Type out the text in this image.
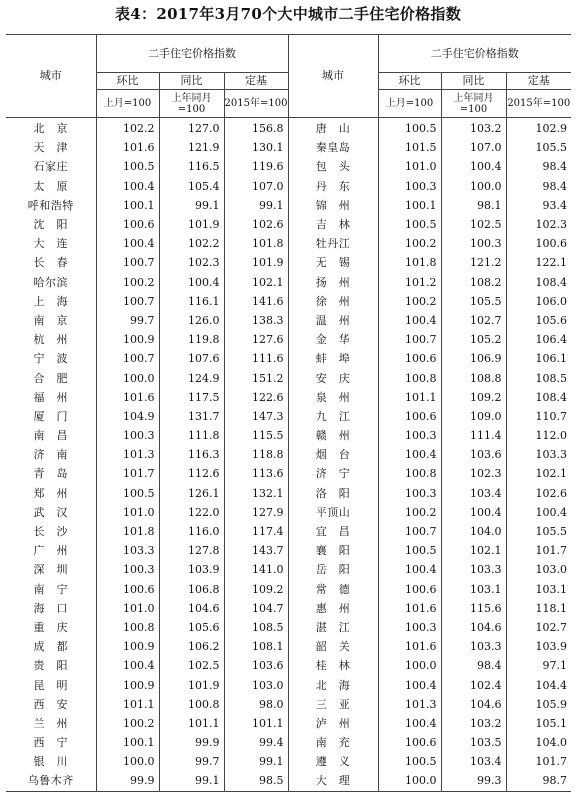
表4：2017年3月70个大中城市二手住宅价格指数
城市	二手住宅价格指数			城市	二手住宅价格指数		
	环比	同比	定基		环比	同比	定基
	上月=100	上年同月=100	2015年=100		上月=100	上年同月=100	2015年=100
北　京	102.2	127.0	156.8	唐　山	100.5	103.2	102.9
天　津	101.6	121.9	130.1	秦皇岛	101.5	107.0	105.5
石家庄	100.5	116.5	119.6	包　头	101.0	100.4	98.4
太　原	100.4	105.4	107.0	丹　东	100.3	100.0	98.4
呼和浩特	100.1	99.1	99.1	锦　州	100.1	98.1	93.4
沈　阳	100.6	101.9	102.6	吉　林	100.5	102.5	102.3
大　连	100.4	102.2	101.8	牡丹江	100.2	100.3	100.6
长　春	100.7	102.3	101.9	无　锡	101.8	121.2	122.1
哈尔滨	100.2	100.4	102.1	扬　州	101.2	108.2	108.4
上　海	100.7	116.1	141.6	徐　州	100.2	105.5	106.0
南　京	99.7	126.0	138.3	温　州	100.4	102.7	105.6
杭　州	100.9	119.8	127.6	金　华	100.7	105.2	106.4
宁　波	100.7	107.6	111.6	蚌　埠	100.6	106.9	106.1
合　肥	100.0	124.9	151.2	安　庆	100.8	108.8	108.5
福　州	101.6	117.5	122.6	泉　州	101.1	109.2	108.4
厦　门	104.9	131.7	147.3	九　江	100.6	109.0	110.7
南　昌	100.3	111.8	115.5	赣　州	100.3	111.4	112.0
济　南	101.3	116.3	118.8	烟　台	100.4	103.6	103.3
青　岛	101.7	112.6	113.6	济　宁	100.8	102.3	102.1
郑　州	100.5	126.1	132.1	洛　阳	100.3	103.4	102.6
武　汉	101.0	122.0	127.9	平顶山	100.2	100.4	100.4
长　沙	101.8	116.0	117.4	宜　昌	100.7	104.0	105.5
广　州	103.3	127.8	143.7	襄　阳	100.5	102.1	101.7
深　圳	100.3	103.9	141.0	岳　阳	100.4	103.3	103.0
南　宁	100.6	106.8	109.2	常　德	100.6	103.1	103.1
海　口	101.0	104.6	104.7	惠　州	101.6	115.6	118.1
重　庆	100.8	105.6	108.5	湛　江	100.3	104.6	102.7
成　都	100.9	106.2	108.1	韶　关	101.6	103.3	103.9
贵　阳	100.4	102.5	103.6	桂　林	100.0	98.4	97.1
昆　明	100.9	101.9	103.0	北　海	100.4	102.4	104.4
西　安	101.1	100.8	98.0	三　亚	101.3	104.6	105.9
兰　州	100.2	101.1	101.1	泸　州	100.4	103.2	105.1
西　宁	100.1	99.9	99.4	南　充	100.6	103.5	104.0
银　川	100.0	99.7	99.1	遵　义	100.5	103.4	101.7
乌鲁木齐	99.9	99.1	98.5	大　理	100.0	99.3	98.7
